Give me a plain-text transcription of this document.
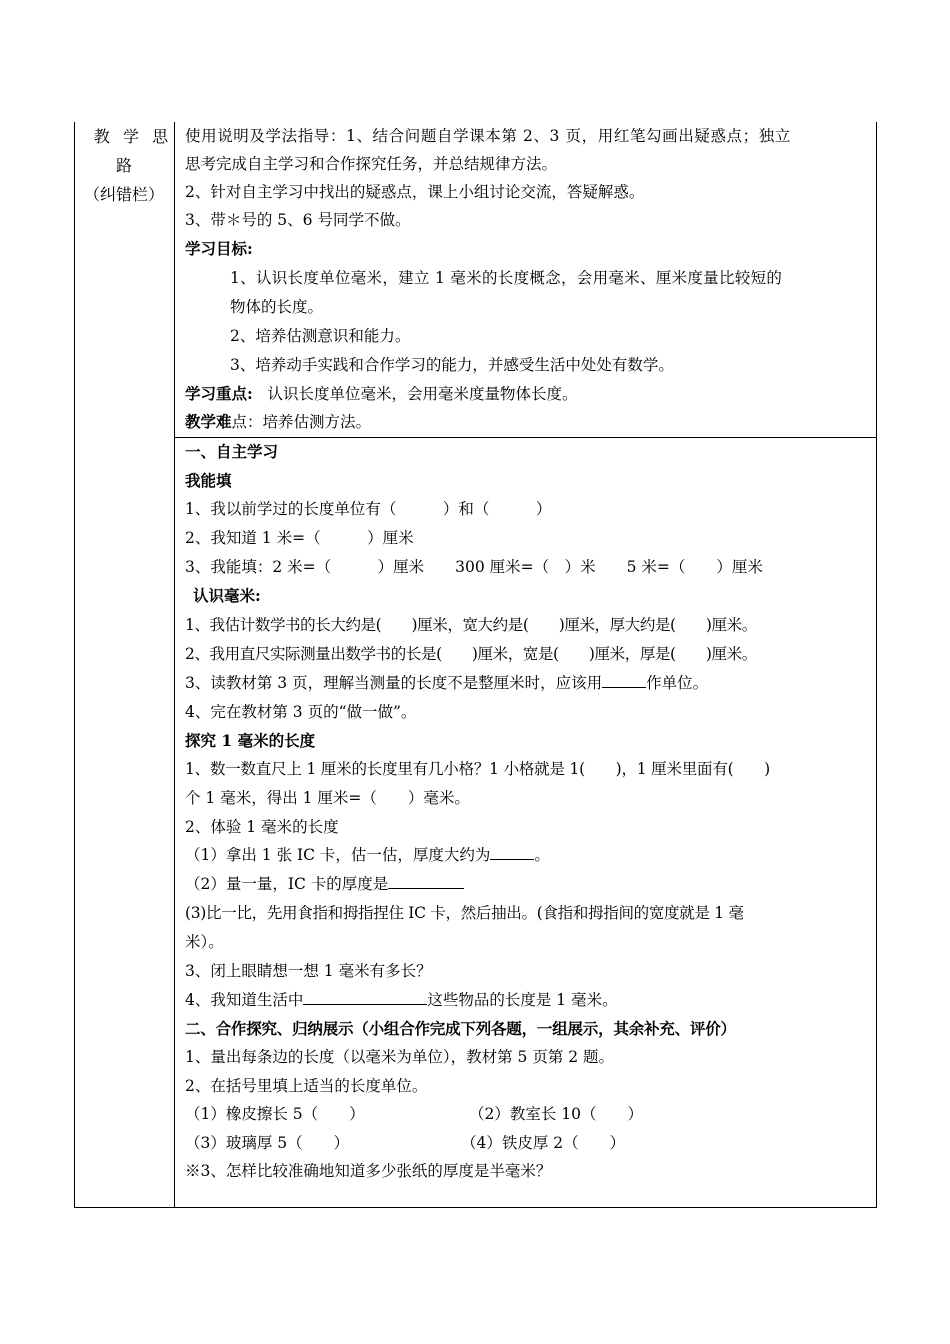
教 学 思
路
（纠错栏）
使用说明及学法指导：1、结合问题自学课本第 2、3 页，用红笔勾画出疑惑点；独立
思考完成自主学习和合作探究任务，并总结规律方法。
2、针对自主学习中找出的疑惑点，课上小组讨论交流，答疑解惑。
3、带＊号的 5、6 号同学不做。
学习目标:
1、认识长度单位毫米，建立 1 毫米的长度概念，会用毫米、厘米度量比较短的
物体的长度。
2、培养估测意识和能力。
3、培养动手实践和合作学习的能力，并感受生活中处处有数学。
学习重点: 认识长度单位毫米，会用毫米度量物体长度。
教学难点：培养估测方法。
一、自主学习
我能填
1、我以前学过的长度单位有（　　　）和（　　　）
2、我知道 1 米=（　　　）厘米
3、我能填：2 米=（　　　）厘米　　300 厘米=（　）米　　5 米=（　　）厘米
认识毫米:
1、我估计数学书的长大约是(　　)厘米，宽大约是(　　)厘米，厚大约是(　　)厘米。
2、我用直尺实际测量出数学书的长是(　　)厘米，宽是(　　)厘米，厚是(　　)厘米。
3、读教材第 3 页，理解当测量的长度不是整厘米时，应该用	作单位。
4、完在教材第 3 页的“做一做”。
探究 1 毫米的长度
1、数一数直尺上 1 厘米的长度里有几小格？1 小格就是 1(　　)，1 厘米里面有(　　)
个 1 毫米，得出 1 厘米=（　　）毫米。
2、体验 1 毫米的长度
（1）拿出 1 张 IC 卡，估一估，厚度大约为	。
（2）量一量，IC 卡的厚度是
(3)比一比，先用食指和拇指捏住 IC 卡，然后抽出。(食指和拇指间的宽度就是 1 毫
米）。
3、闭上眼睛想一想 1 毫米有多长？
4、我知道生活中	这些物品的长度是 1 毫米。
二、合作探究、归纳展示（小组合作完成下列各题，一组展示，其余补充、评价）
1、量出每条边的长度（以毫米为单位），教材第 5 页第 2 题。
2、在括号里填上适当的长度单位。
（1）橡皮擦长 5（　　）	（2）教室长 10（　　）
（3）玻璃厚 5（　　）	（4）铁皮厚 2（　　）
※3、怎样比较准确地知道多少张纸的厚度是半毫米？
